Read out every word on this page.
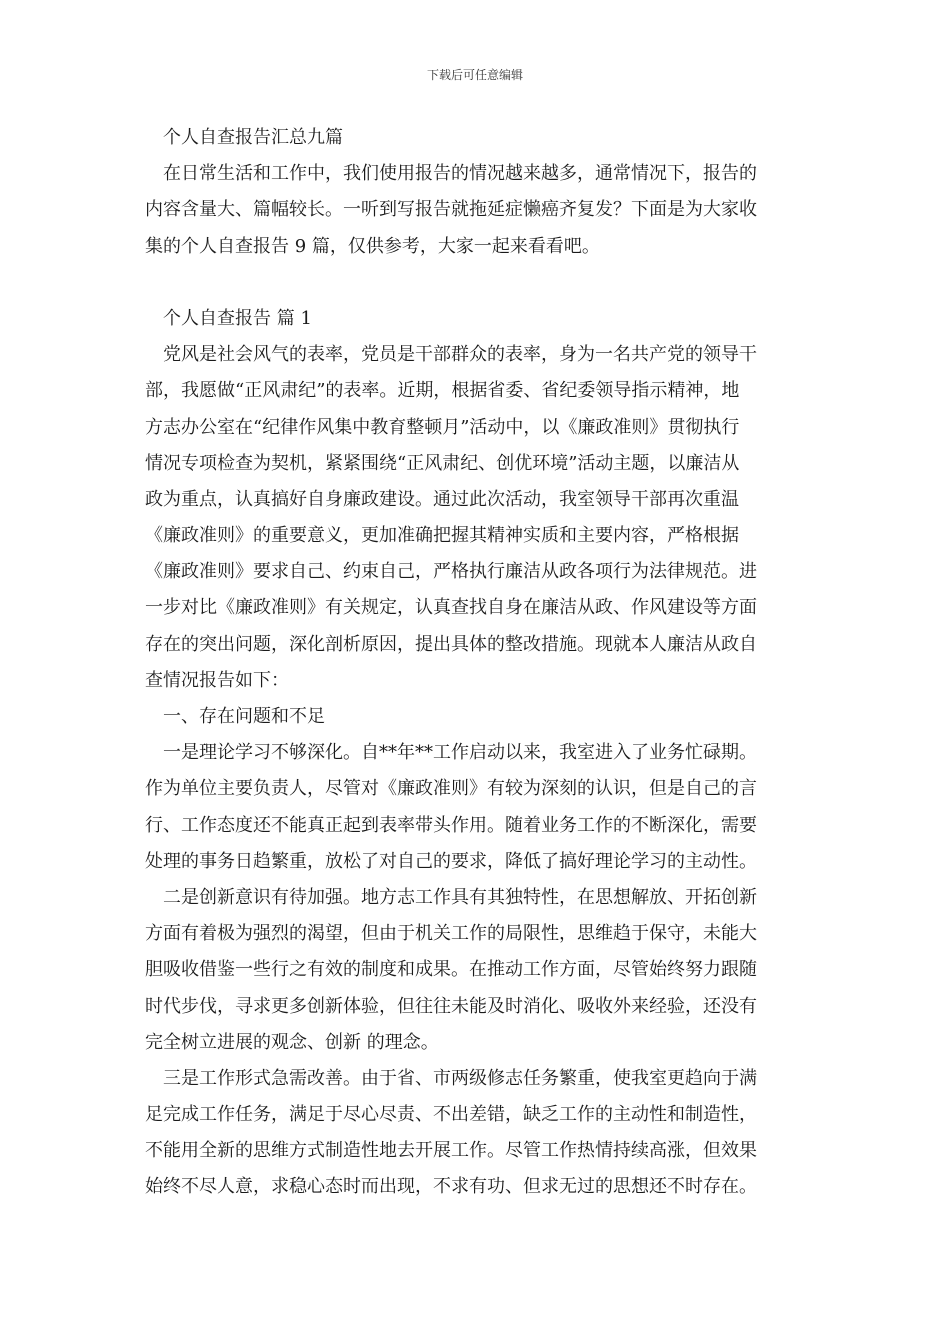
下载后可任意编辑
个人自查报告汇总九篇
在日常生活和工作中，我们使用报告的情况越来越多，通常情况下，报告的
内容含量大、篇幅较长。一听到写报告就拖延症懒癌齐复发？下面是为大家收
集的个人自查报告 9 篇，仅供参考，大家一起来看看吧。
个人自查报告 篇 1
党风是社会风气的表率，党员是干部群众的表率，身为一名共产党的领导干
部，我愿做“正风肃纪”的表率。近期，根据省委、省纪委领导指示精神，地
方志办公室在“纪律作风集中教育整顿月”活动中，以《廉政准则》贯彻执行
情况专项检查为契机，紧紧围绕“正风肃纪、创优环境”活动主题，以廉洁从
政为重点，认真搞好自身廉政建设。通过此次活动，我室领导干部再次重温
《廉政准则》的重要意义，更加准确把握其精神实质和主要内容，严格根据
《廉政准则》要求自己、约束自己，严格执行廉洁从政各项行为法律规范。进
一步对比《廉政准则》有关规定，认真查找自身在廉洁从政、作风建设等方面
存在的突出问题，深化剖析原因，提出具体的整改措施。现就本人廉洁从政自
查情况报告如下：
一、存在问题和不足
一是理论学习不够深化。自**年**工作启动以来，我室进入了业务忙碌期。
作为单位主要负责人，尽管对《廉政准则》有较为深刻的认识，但是自己的言
行、工作态度还不能真正起到表率带头作用。随着业务工作的不断深化，需要
处理的事务日趋繁重，放松了对自己的要求，降低了搞好理论学习的主动性。
二是创新意识有待加强。地方志工作具有其独特性，在思想解放、开拓创新
方面有着极为强烈的渴望，但由于机关工作的局限性，思维趋于保守，未能大
胆吸收借鉴一些行之有效的制度和成果。在推动工作方面，尽管始终努力跟随
时代步伐，寻求更多创新体验，但往往未能及时消化、吸收外来经验，还没有
完全树立进展的观念、创新 的理念。
三是工作形式急需改善。由于省、市两级修志任务繁重，使我室更趋向于满
足完成工作任务，满足于尽心尽责、不出差错，缺乏工作的主动性和制造性，
不能用全新的思维方式制造性地去开展工作。尽管工作热情持续高涨，但效果
始终不尽人意，求稳心态时而出现，不求有功、但求无过的思想还不时存在。
